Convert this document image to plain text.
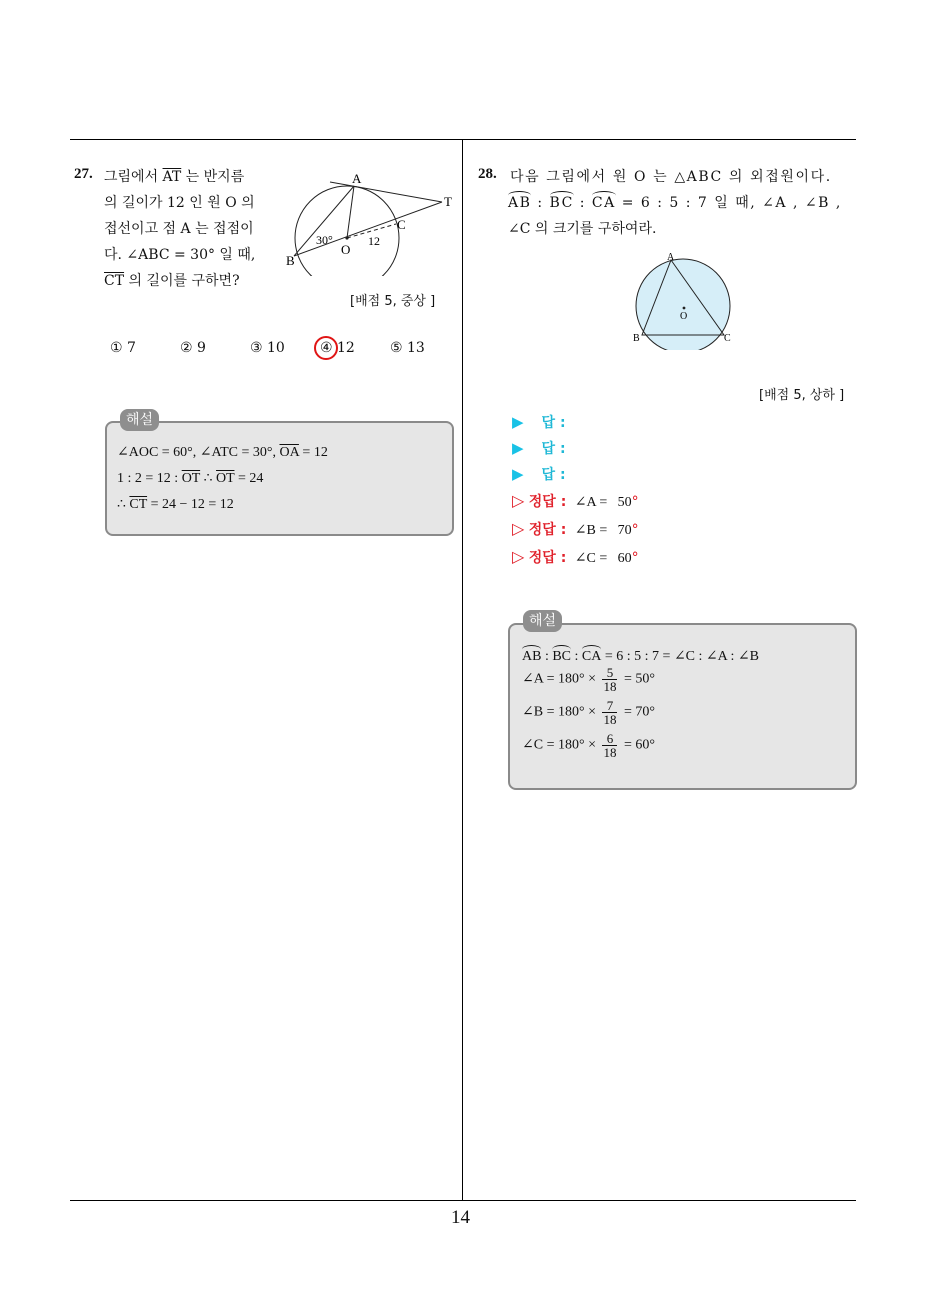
27. 그림에서 $\overline{AT}$ 는 반지름
의 길이가 12 인 원 O 의
접선이고 점 A 는 접점이
다. ∠ABC = 30° 일 때,
$\overline{CT}$ 의 길이를 구하면?
A
T
B
O
C
30°	12
[배점 5, 중상 ]
① 7	② 9	③ 10	④ 12	⑤ 13
해설
∠AOC = 60°, ∠ATC = 30°, $\overline{OA} = 12$
1 : 2 = 12 : $\overline{OT}$ ∴ $\overline{OT} = 24$
∴ $\overline{CT} = 24 - 12 = 12$
28. 다음 그림에서 원 O 는 △ABC 의 외접원이다.
AB : BC : CA = 6 : 5 : 7 일 때, ∠A , ∠B ,
∠C 의 크기를 구하여라.
A
B	C
O
[배점 5, 상하 ]
▶ 답 :
▶ 답 :
▶ 답 :
▷ 정답 : ∠A = 50°
▷ 정답 : ∠B = 70°
▷ 정답 : ∠C = 60°
해설
AB : BC : CA = 6 : 5 : 7 = ∠C : ∠A : ∠B
∠A = $180^\circ \times \frac{5}{18} = 50^\circ$
∠B = $180^\circ \times \frac{7}{18} = 70^\circ$
∠C = $180^\circ \times \frac{6}{18} = 60^\circ$
14
